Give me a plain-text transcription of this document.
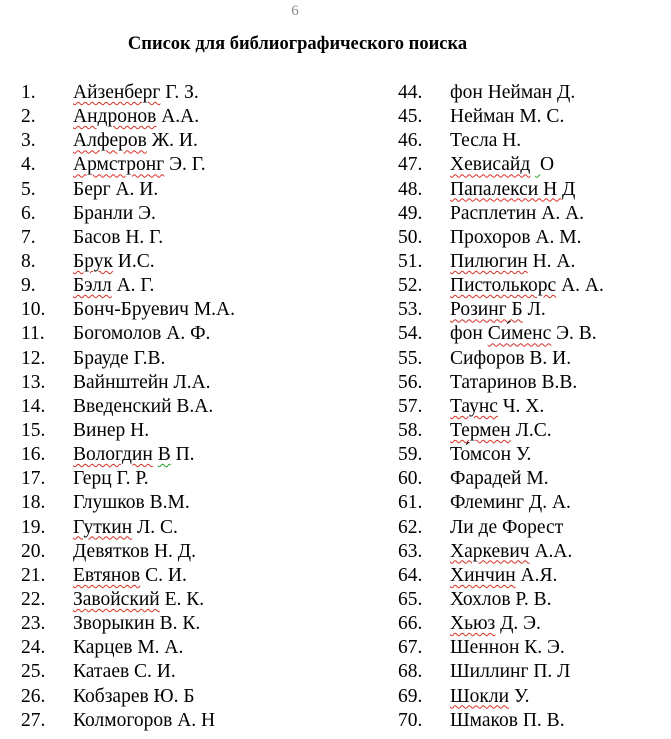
6
Список для библиографического поиска
1. Айзенберг Г. З.
2. Андронов А.А.
3. Алферов Ж. И.
4. Армстронг Э. Г.
5. Берг А. И.
6. Бранли Э.
7. Басов Н. Г.
8. Брук И.С.
9. Бэлл А. Г.
10. Бонч-Бруевич М.А.
11. Богомолов А. Ф.
12. Брауде Г.В.
13. Вайнштейн Л.А.
14. Введенский В.А.
15. Винер Н.
16. Вологдин В П.
17. Герц Г. Р.
18. Глушков В.М.
19. Гуткин Л. С.
20. Девятков Н. Д.
21. Евтянов С. И.
22. Завойский Е. К.
23. Зворыкин В. К.
24. Карцев М. А.
25. Катаев С. И.
26. Кобзарев Ю. Б
27. Колмогоров А. Н
44. фон Нейман Д.
45. Нейман М. С.
46. Тесла Н.
47. Хевисайд О
48. Папалекси Н Д
49. Расплетин А. А.
50. Прохоров А. М.
51. Пилюгин Н. А.
52. Пистолькорс А. А.
53. Розинг Б Л.
54. фон Си́менс Э. В.
55. Сифоров В. И.
56. Татаринов В.В.
57. Таунс Ч. Х.
58. Термен Л.С.
59. То́мсон У.
60. Фарадей М.
61. Флеминг Д. А.
62. Ли де Форест
63. Харкевич А.А.
64. Хинчин А.Я.
65. Хохлов Р. В.
66. Хьюз Д. Э.
67. Шеннон К. Э.
68. Шиллинг П. Л
69. Шокли У.
70. Шмаков П. В.
